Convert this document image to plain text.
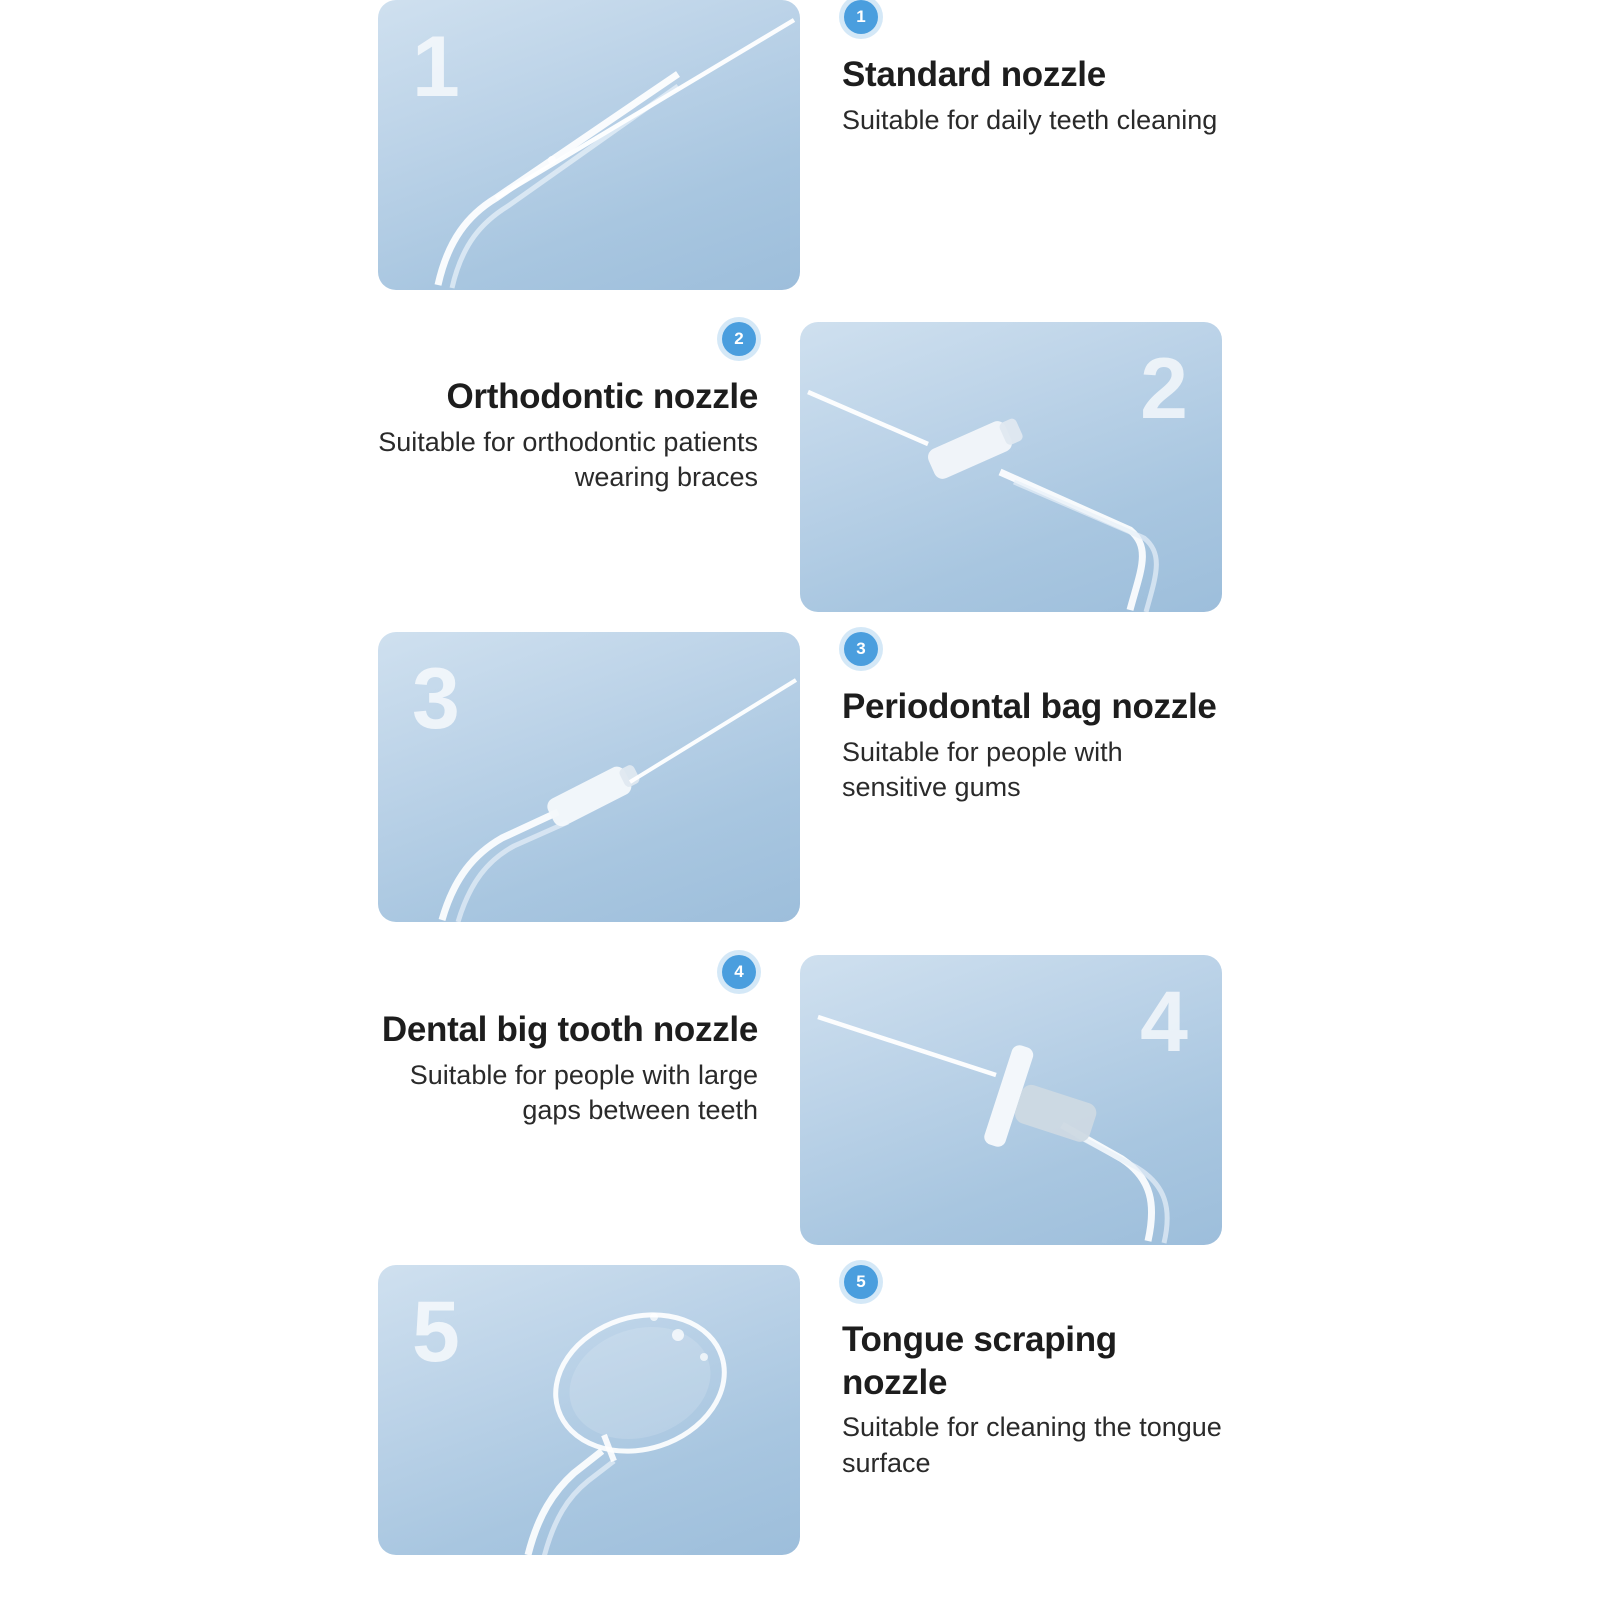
1
1

Standard nozzle

Suitable for daily teeth cleaning

2
2

Orthodontic nozzle

Suitable for orthodontic patients wearing braces

3
3

Periodontal bag nozzle

Suitable for people with sensitive gums

4
4

Dental big tooth nozzle

Suitable for people with large gaps between teeth

5
5

Tongue scraping nozzle

Suitable for cleaning the tongue surface
